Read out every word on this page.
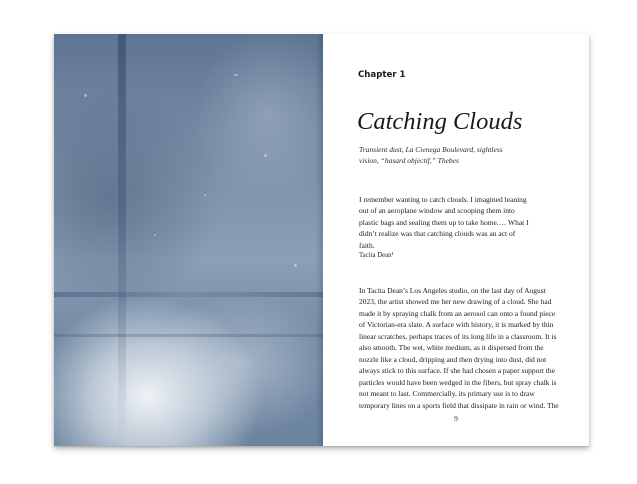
Chapter 1
Catching Clouds
Transient dust, La Cienega Boulevard, sightless vision, “hasard objectif,” Thebes
I remember wanting to catch clouds. I imagined leaning out of an aeroplane window and scooping them into plastic bags and sealing them up to take home.… What I didn’t realize was that catching clouds was an act of faith.
Tacita Dean¹
In Tacita Dean’s Los Angeles studio, on the last day of August 2023, the artist showed me her new drawing of a cloud. She had made it by spraying chalk from an aerosol can onto a found piece of Victorian-era slate. A surface with history, it is marked by thin linear scratches, perhaps traces of its long life in a classroom. It is also smooth. The wet, white medium, as it dispersed from the nozzle like a cloud, dripping and then drying into dust, did not always stick to this surface. If she had chosen a paper support the particles would have been wedged in the fibers, but spray chalk is not meant to last. Commercially, its primary use is to draw temporary lines on a sports field that dissipate in rain or wind. The
9
